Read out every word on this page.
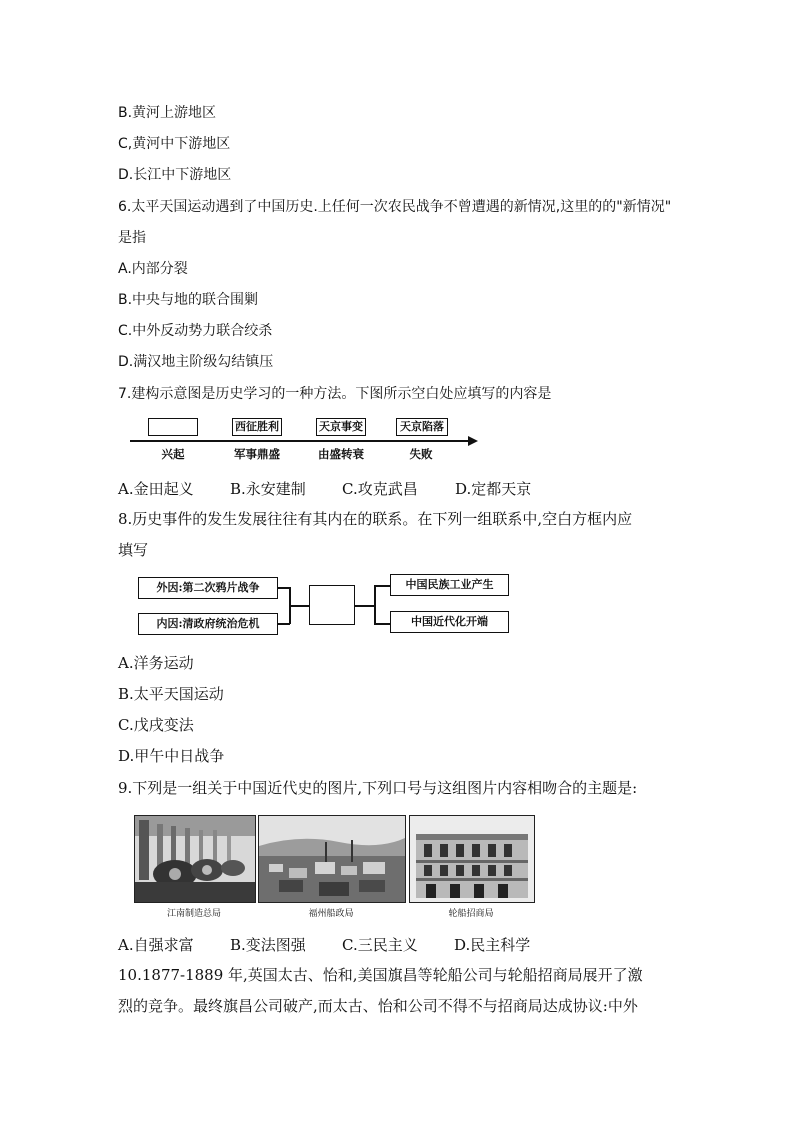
B.黄河上游地区
C,黄河中下游地区
D.长江中下游地区
6.太平天国运动遇到了中国历史.上任何一次农民战争不曾遭遇的新情况,这里的的"新情况"
是指
A.内部分裂
B.中央与地的联合围剿
C.中外反动势力联合绞杀
D.满汉地主阶级勾结镇压
7.建构示意图是历史学习的一种方法。下图所示空白处应填写的内容是
西征胜利	天京事变	天京陷落
兴起	军事鼎盛	由盛转衰	失败
A.金田起义 B.永安建制 C.攻克武昌 D.定都天京
8.历史事件的发生发展往往有其内在的联系。在下列一组联系中,空白方框内应
填写
外因:第二次鸦片战争
内因:清政府统治危机
中国民族工业产生
中国近代化开端
A.洋务运动
B.太平天国运动
C.戊戌变法
D.甲午中日战争
9.下列是一组关于中国近代史的图片,下列口号与这组图片内容相吻合的主题是:
江南制造总局	福州船政局	轮船招商局
A.自强求富 B.变法图强 C.三民主义 D.民主科学
10.1877-1889 年,英国太古、怡和,美国旗昌等轮船公司与轮船招商局展开了激
烈的竞争。最终旗昌公司破产,而太古、怡和公司不得不与招商局达成协议:中外
